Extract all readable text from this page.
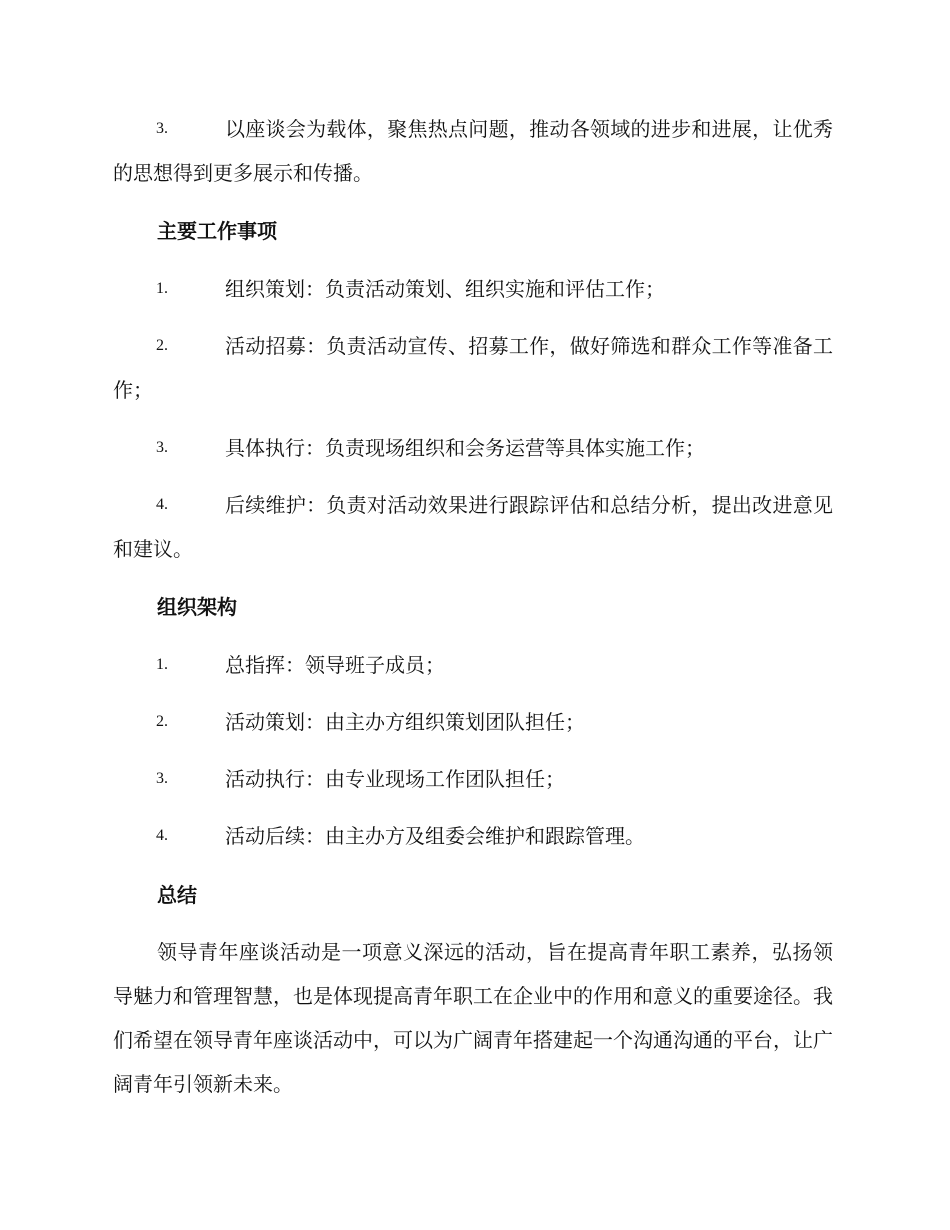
3.	以座谈会为载体，聚焦热点问题，推动各领域的进步和进展，让优秀的思想得到更多展示和传播。
主要工作事项
1.	组织策划：负责活动策划、组织实施和评估工作；
2.	活动招募：负责活动宣传、招募工作，做好筛选和群众工作等准备工作；
3.	具体执行：负责现场组织和会务运营等具体实施工作；
4.	后续维护：负责对活动效果进行跟踪评估和总结分析，提出改进意见和建议。
组织架构
1.	总指挥：领导班子成员；
2.	活动策划：由主办方组织策划团队担任；
3.	活动执行：由专业现场工作团队担任；
4.	活动后续：由主办方及组委会维护和跟踪管理。
总结
领导青年座谈活动是一项意义深远的活动，旨在提高青年职工素养，弘扬领导魅力和管理智慧，也是体现提高青年职工在企业中的作用和意义的重要途径。我们希望在领导青年座谈活动中，可以为广阔青年搭建起一个沟通沟通的平台，让广阔青年引领新未来。
